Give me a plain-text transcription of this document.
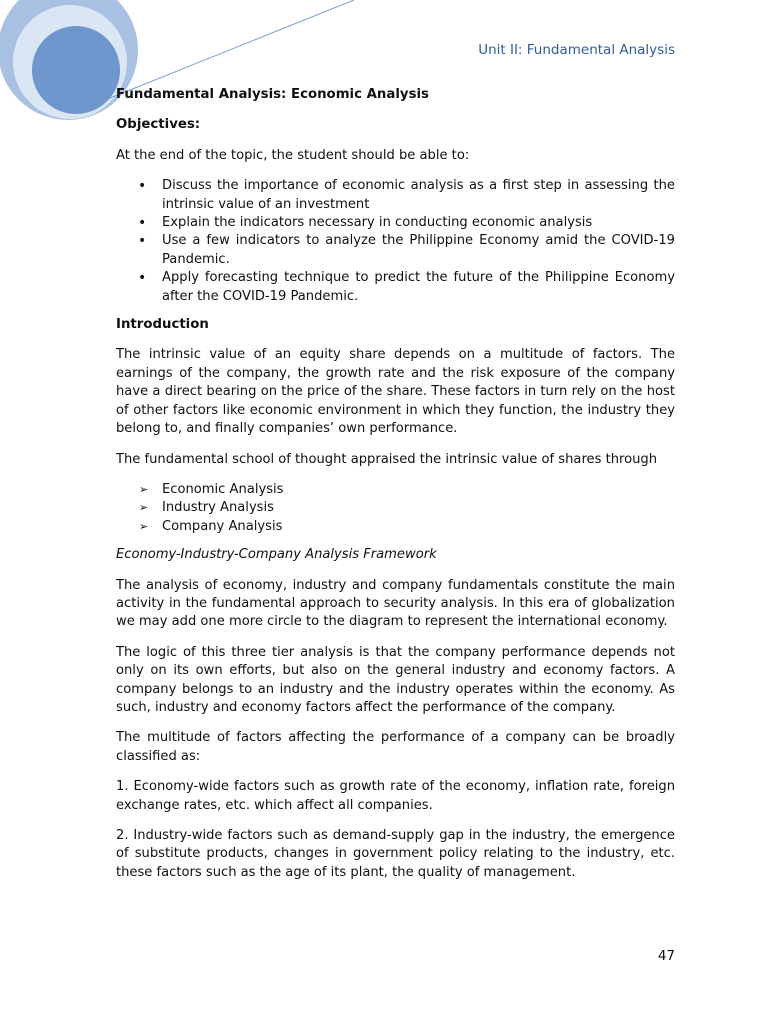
Unit II: Fundamental Analysis

Fundamental Analysis: Economic Analysis

Objectives:

At the end of the topic, the student should be able to:

• Discuss the importance of economic analysis as a first step in assessing the intrinsic value of an investment
• Explain the indicators necessary in conducting economic analysis
• Use a few indicators to analyze the Philippine Economy amid the COVID-19 Pandemic.
• Apply forecasting technique to predict the future of the Philippine Economy after the COVID-19 Pandemic.

Introduction

The intrinsic value of an equity share depends on a multitude of factors. The earnings of the company, the growth rate and the risk exposure of the company have a direct bearing on the price of the share. These factors in turn rely on the host of other factors like economic environment in which they function, the industry they belong to, and finally companies’ own performance.

The fundamental school of thought appraised the intrinsic value of shares through

➢ Economic Analysis
➢ Industry Analysis
➢ Company Analysis

Economy-Industry-Company Analysis Framework

The analysis of economy, industry and company fundamentals constitute the main activity in the fundamental approach to security analysis. In this era of globalization we may add one more circle to the diagram to represent the international economy.

The logic of this three tier analysis is that the company performance depends not only on its own efforts, but also on the general industry and economy factors. A company belongs to an industry and the industry operates within the economy. As such, industry and economy factors affect the performance of the company.

The multitude of factors affecting the performance of a company can be broadly classified as:

1. Economy-wide factors such as growth rate of the economy, inflation rate, foreign exchange rates, etc. which affect all companies.

2. Industry-wide factors such as demand-supply gap in the industry, the emergence of substitute products, changes in government policy relating to the industry, etc. these factors such as the age of its plant, the quality of management.

47
